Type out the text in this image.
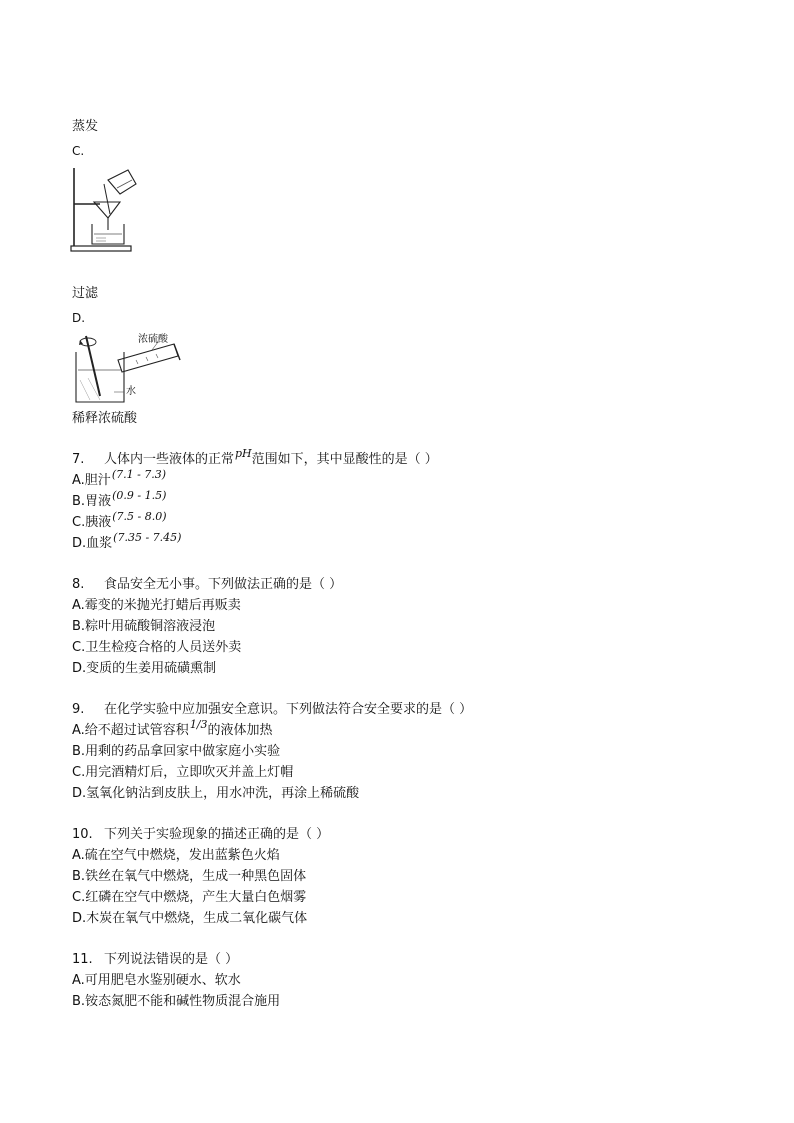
蒸发
C.
过滤
D.
浓硫酸
水
稀释浓硫酸
7. 人体内一些液体的正常$^{pH}$范围如下，其中显酸性的是（ ）
A.胆汁$^{(7.1 - 7.3)}$
B.胃液$^{(0.9 - 1.5)}$
C.胰液$^{(7.5 - 8.0)}$
D.血浆$^{(7.35 - 7.45)}$
8. 食品安全无小事。下列做法正确的是（ ）
A.霉变的米抛光打蜡后再贩卖
B.粽叶用硫酸铜溶液浸泡
C.卫生检疫合格的人员送外卖
D.变质的生姜用硫磺熏制
9. 在化学实验中应加强安全意识。下列做法符合安全要求的是（ ）
A.给不超过试管容积$^{1/3}$的液体加热
B.用剩的药品拿回家中做家庭小实验
C.用完酒精灯后，立即吹灭并盖上灯帽
D.氢氧化钠沾到皮肤上，用水冲洗，再涂上稀硫酸
10. 下列关于实验现象的描述正确的是（ ）
A.硫在空气中燃烧，发出蓝紫色火焰
B.铁丝在氧气中燃烧，生成一种黑色固体
C.红磷在空气中燃烧，产生大量白色烟雾
D.木炭在氧气中燃烧，生成二氧化碳气体
11. 下列说法错误的是（ ）
A.可用肥皂水鉴别硬水、软水
B.铵态氮肥不能和碱性物质混合施用
